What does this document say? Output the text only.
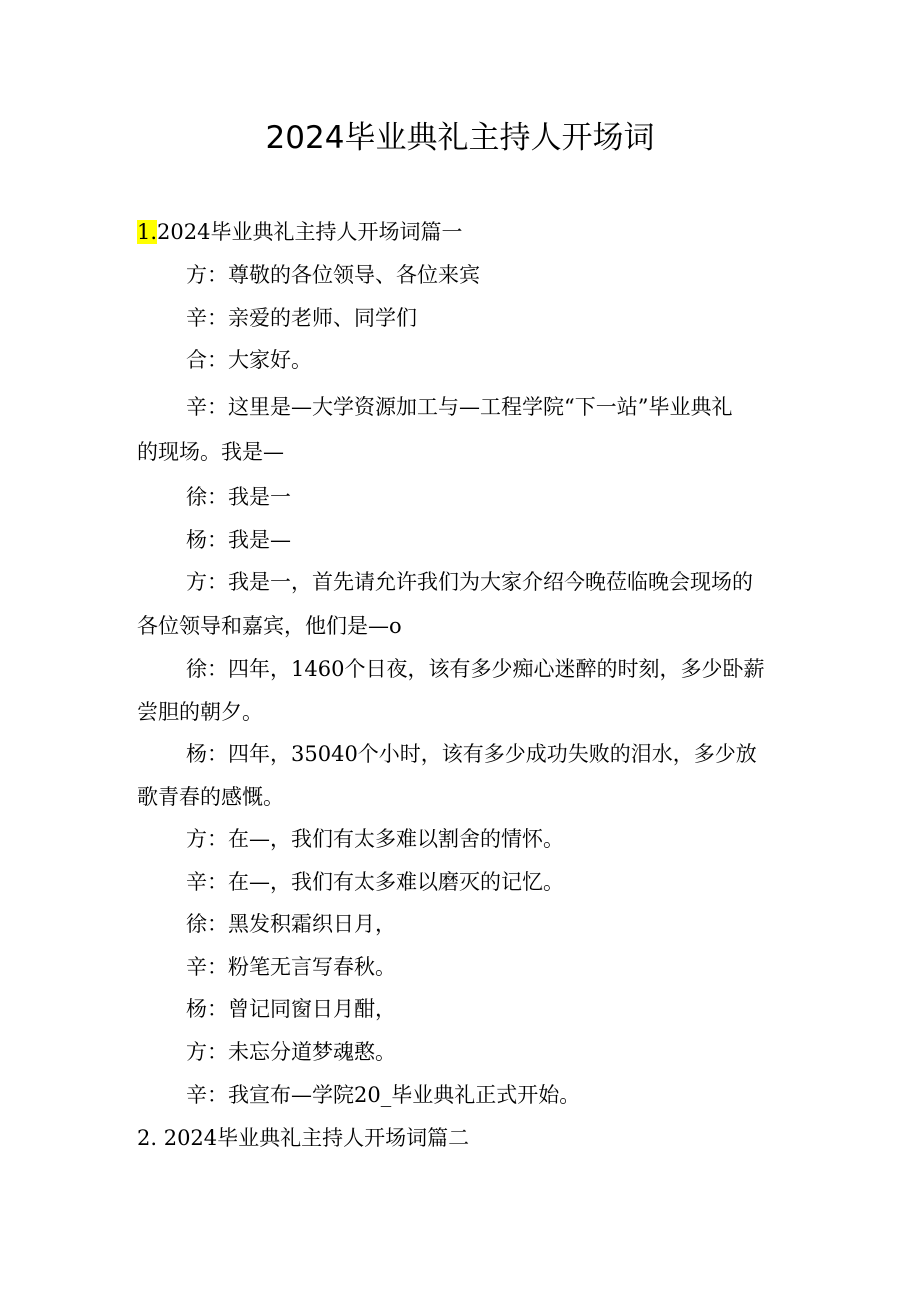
2024毕业典礼主持人开场词
1.2024毕业典礼主持人开场词篇一
方：尊敬的各位领导、各位来宾
辛：亲爱的老师、同学们
合：大家好。
辛：这里是—大学资源加工与—工程学院“下一站”毕业典礼
的现场。我是—
徐：我是一
杨：我是—
方：我是一，首先请允许我们为大家介绍今晚莅临晚会现场的
各位领导和嘉宾，他们是—o
徐：四年，1460个日夜，该有多少痴心迷醉的时刻，多少卧薪
尝胆的朝夕。
杨：四年，35040个小时，该有多少成功失败的泪水，多少放
歌青春的感慨。
方：在—，我们有太多难以割舍的情怀。
辛：在—，我们有太多难以磨灭的记忆。
徐：黑发积霜织日月，
辛：粉笔无言写春秋。
杨：曾记同窗日月酣，
方：未忘分道梦魂憨。
辛：我宣布—学院20_毕业典礼正式开始。
2. 2024毕业典礼主持人开场词篇二
